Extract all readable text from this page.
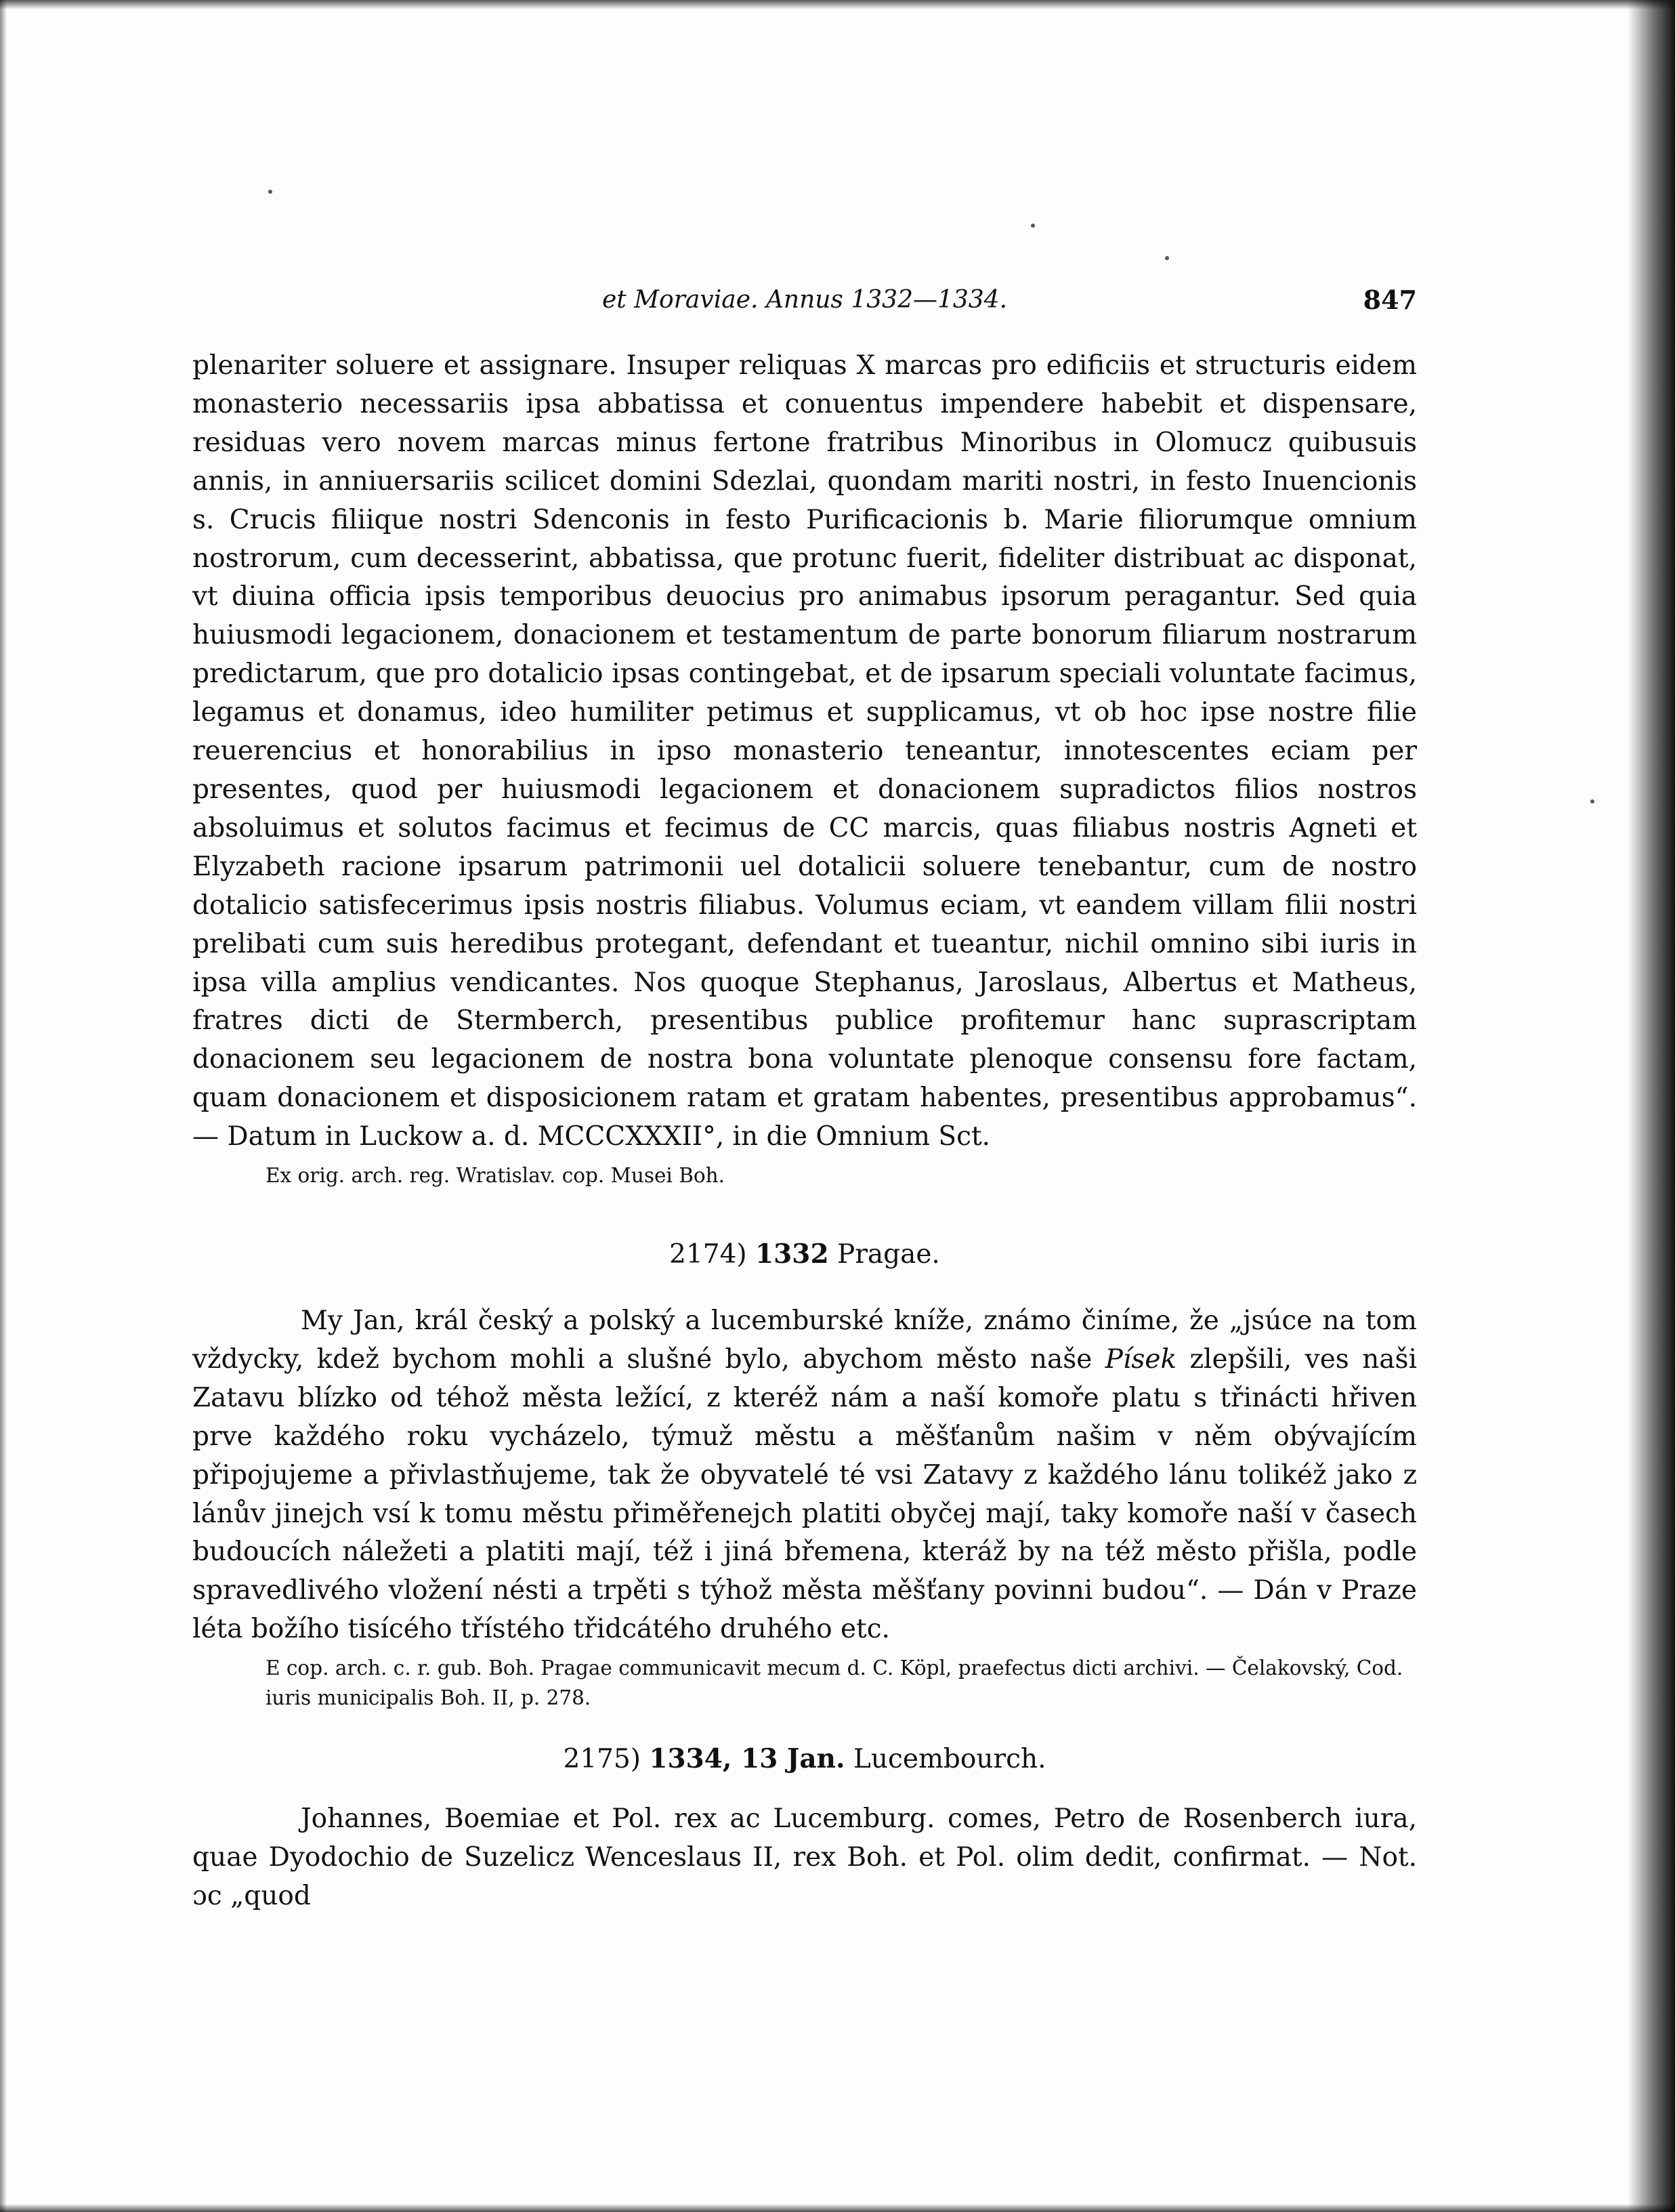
et Moraviae. Annus 1332—1334.	847

plenariter soluere et assignare. Insuper reliquas X marcas pro edificiis et structuris eidem monasterio necessariis ipsa abbatissa et conuentus impendere habebit et dispensare, residuas vero novem marcas minus fertone fratribus Minoribus in Olomucz quibusuis annis, in anniuersariis scilicet domini Sdezlai, quondam mariti nostri, in festo Inuencionis s. Crucis filiique nostri Sdenconis in festo Purificacionis b. Marie filiorumque omnium nostrorum, cum decesserint, abbatissa, que protunc fuerit, fideliter distribuat ac disponat, vt diuina officia ipsis temporibus deuocius pro animabus ipsorum peragantur. Sed quia huiusmodi legacionem, donacionem et testamentum de parte bonorum filiarum nostrarum predictarum, que pro dotalicio ipsas contingebat, et de ipsarum speciali voluntate facimus, legamus et donamus, ideo humiliter petimus et supplicamus, vt ob hoc ipse nostre filie reuerencius et honorabilius in ipso monasterio teneantur, innotescentes eciam per presentes, quod per huiusmodi legacionem et donacionem supradictos filios nostros absoluimus et solutos facimus et fecimus de CC marcis, quas filiabus nostris Agneti et Elyzabeth racione ipsarum patrimonii uel dotalicii soluere tenebantur, cum de nostro dotalicio satisfecerimus ipsis nostris filiabus. Volumus eciam, vt eandem villam filii nostri prelibati cum suis heredibus protegant, defendant et tueantur, nichil omnino sibi iuris in ipsa villa amplius vendicantes. Nos quoque Stephanus, Jaroslaus, Albertus et Matheus, fratres dicti de Stermberch, presentibus publice profitemur hanc suprascriptam donacionem seu legacionem de nostra bona voluntate plenoque consensu fore factam, quam donacionem et disposicionem ratam et gratam habentes, presentibus approbamus“. — Datum in Luckow a. d. MCCCXXXII°, in die Omnium Sct.

Ex orig. arch. reg. Wratislav. cop. Musei Boh.

2174) 1332 Pragae.

My Jan, král český a polský a lucemburské kníže, známo činíme, že „jsúce na tom vždycky, kdež bychom mohli a slušné bylo, abychom město naše Písek zlepšili, ves naši Zatavu blízko od téhož města ležící, z kteréž nám a naší komoře platu s třinácti hřiven prve každého roku vycházelo, týmuž městu a měšťanům našim v něm obývajícím připojujeme a přivlastňujeme, tak že obyvatelé té vsi Zatavy z každého lánu tolikéž jako z lánův jinejch vsí k tomu městu přiměřenejch platiti obyčej mají, taky komoře naší v časech budoucích náležeti a platiti mají, též i jiná břemena, kteráž by na též město přišla, podle spravedlivého vložení nésti a trpěti s týhož města měšťany povinni budou“. — Dán v Praze léta božího tisícého třístého třidcátého druhého etc.

E cop. arch. c. r. gub. Boh. Pragae communicavit mecum d. C. Köpl, praefectus dicti archivi. — Čelakovský, Cod. iuris municipalis Boh. II, p. 278.

2175) 1334, 13 Jan. Lucembourch.

Johannes, Boemiae et Pol. rex ac Lucemburg. comes, Petro de Rosenberch iura, quae Dyodochio de Suzelicz Wenceslaus II, rex Boh. et Pol. olim dedit, confirmat. — Not. ɔc „quod
